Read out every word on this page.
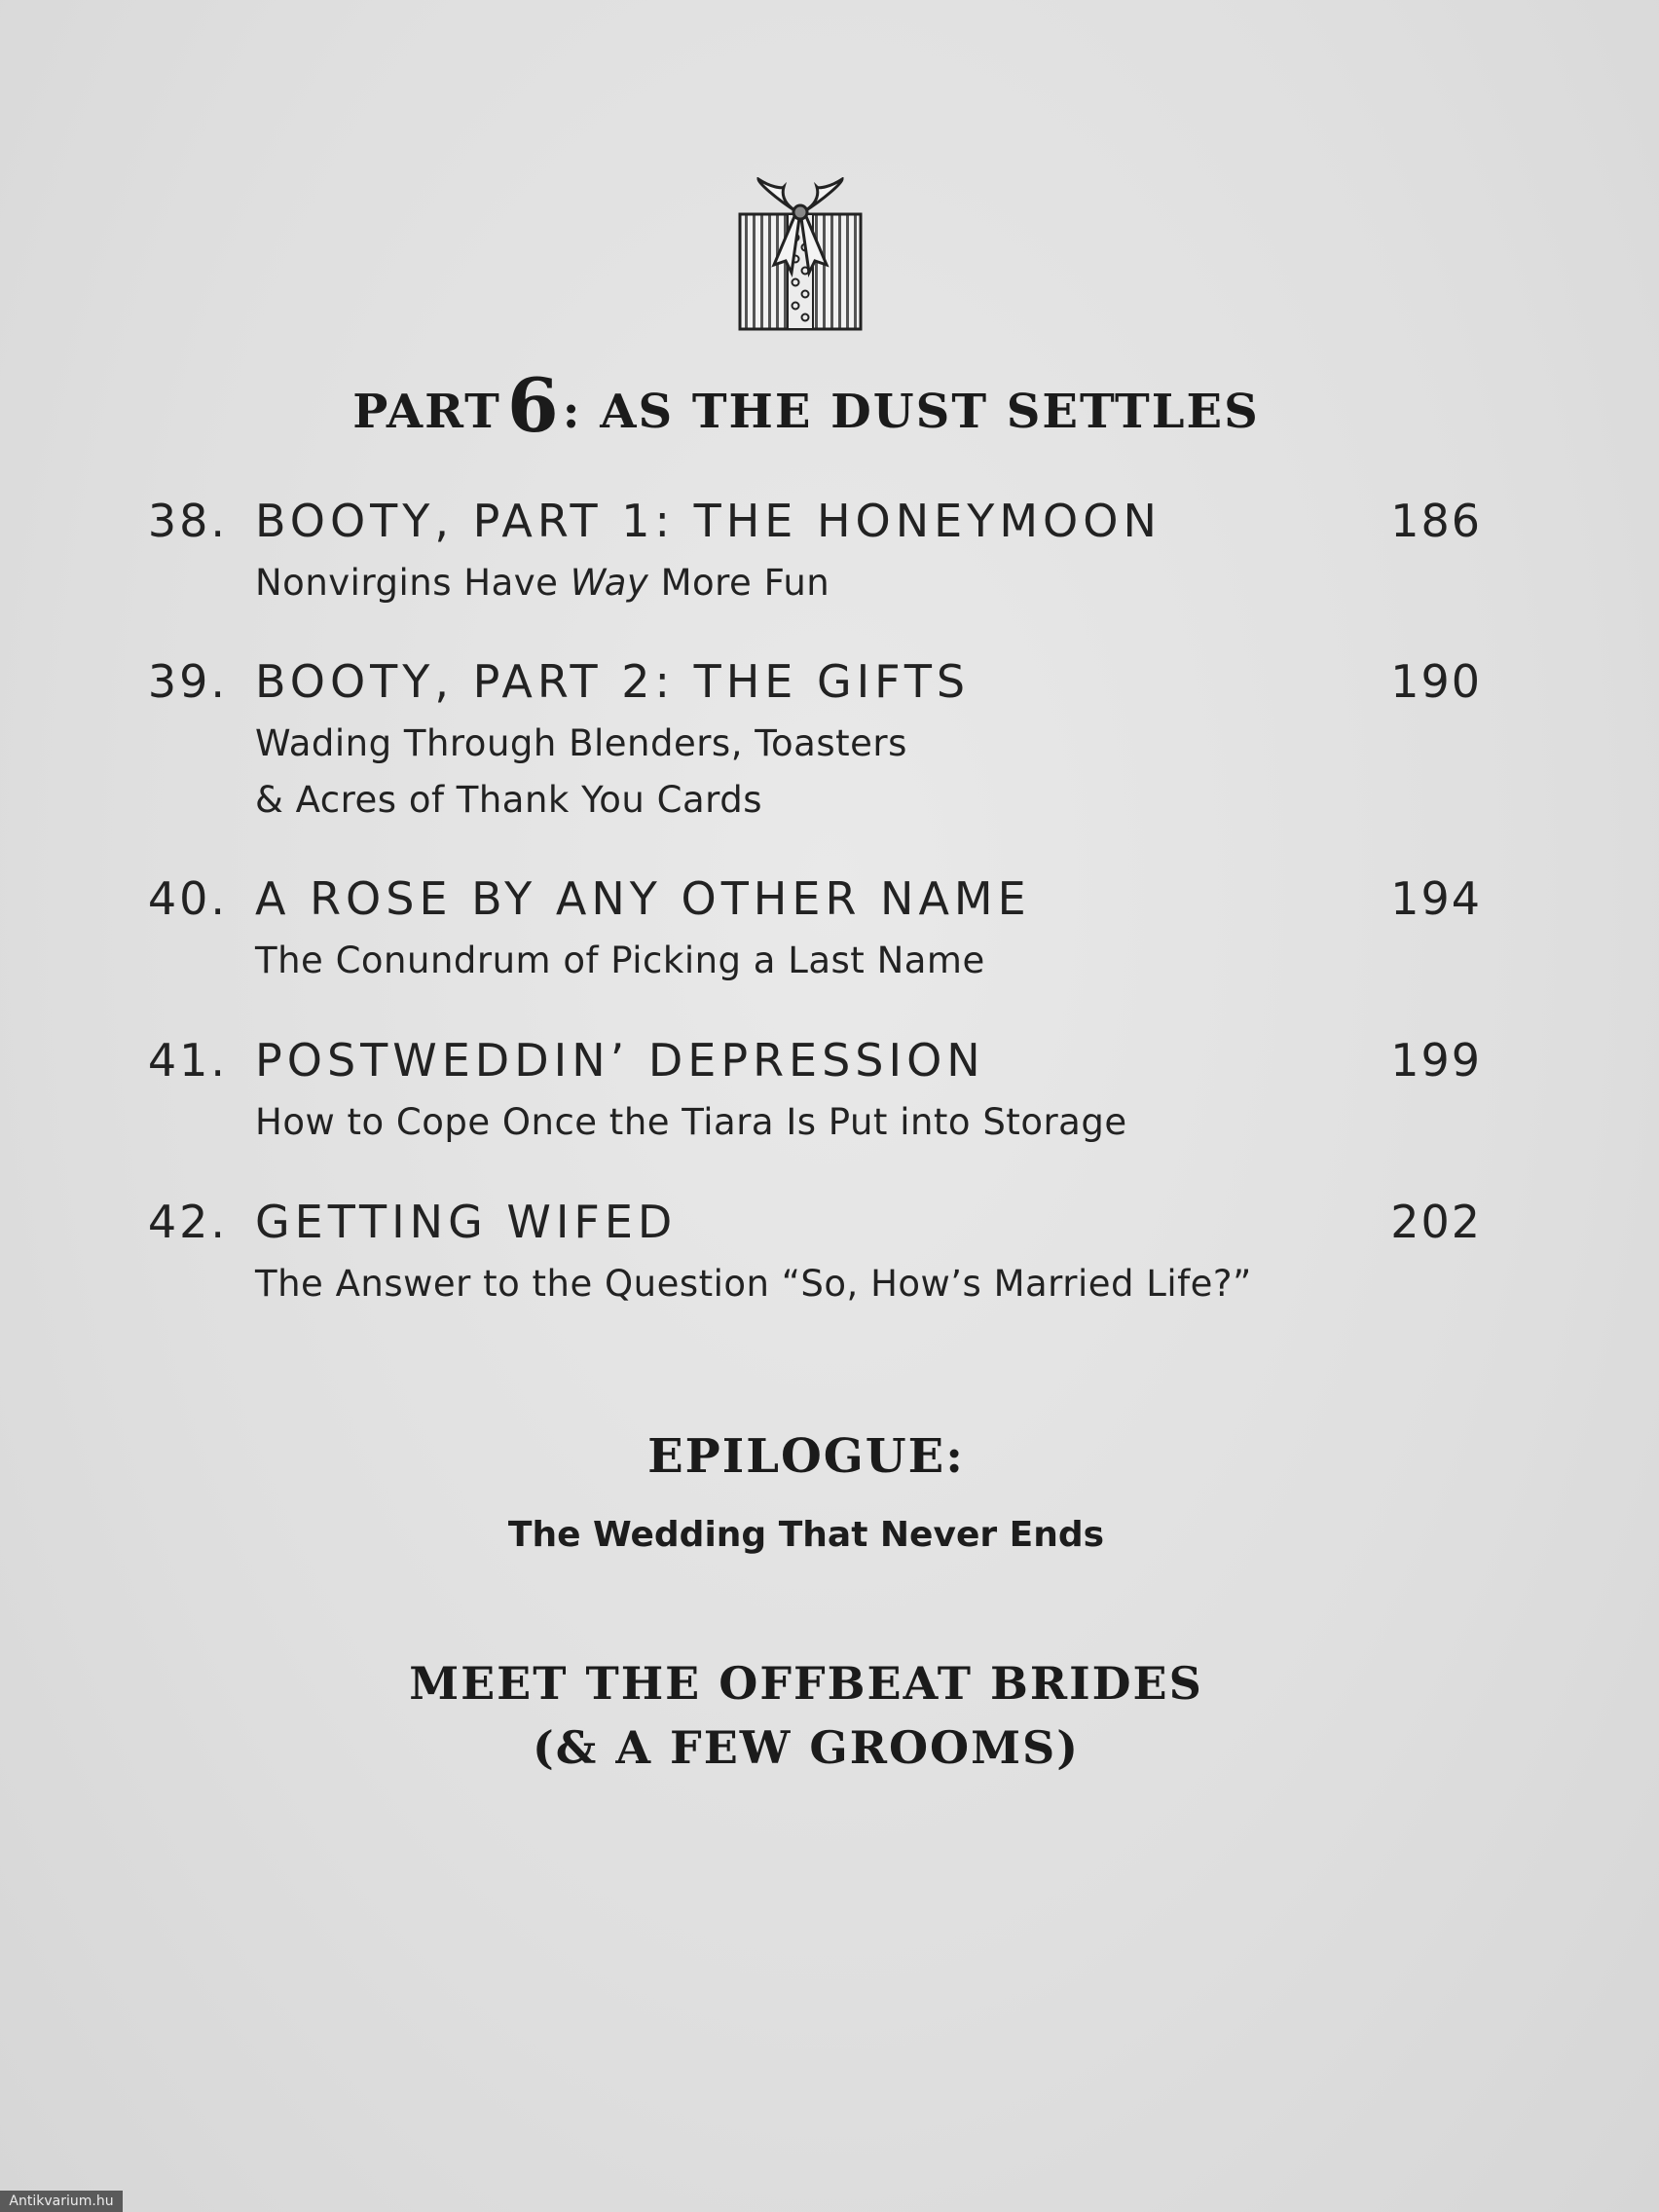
PART6: AS THE DUST SETTLES
38. BOOTY, PART 1: THE HONEYMOON	186
Nonvirgins Have Way More Fun
39. BOOTY, PART 2: THE GIFTS	190
Wading Through Blenders, Toasters
& Acres of Thank You Cards
40. A ROSE BY ANY OTHER NAME	194
The Conundrum of Picking a Last Name
41. POSTWEDDIN’ DEPRESSION	199
How to Cope Once the Tiara Is Put into Storage
42. GETTING WIFED	202
The Answer to the Question “So, How’s Married Life?”
EPILOGUE:
The Wedding That Never Ends
MEET THE OFFBEAT BRIDES
(& A FEW GROOMS)
Antikvarium.hu
